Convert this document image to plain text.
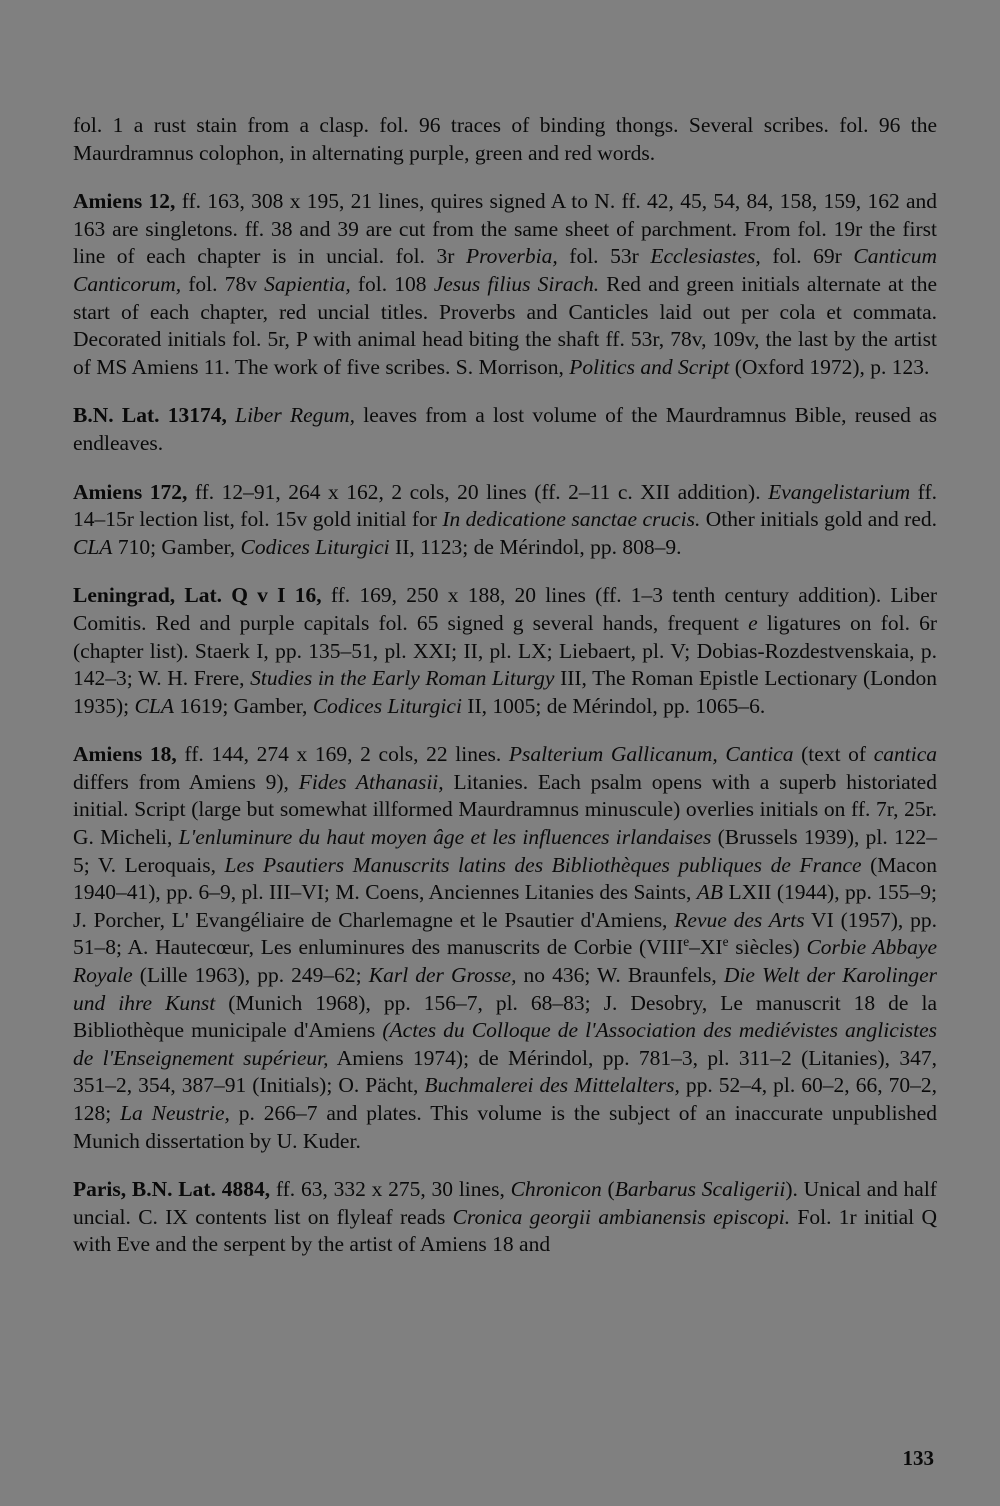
fol. 1 a rust stain from a clasp. fol. 96 traces of binding thongs. Several scribes. fol. 96 the Maurdramnus colophon, in alternating purple, green and red words.

Amiens 12, ff. 163, 308 x 195, 21 lines, quires signed A to N. ff. 42, 45, 54, 84, 158, 159, 162 and 163 are singletons. ff. 38 and 39 are cut from the same sheet of parchment. From fol. 19r the first line of each chapter is in uncial. fol. 3r Proverbia, fol. 53r Ecclesiastes, fol. 69r Canticum Canticorum, fol. 78v Sapientia, fol. 108 Jesus filius Sirach. Red and green initials alternate at the start of each chapter, red uncial titles. Proverbs and Canticles laid out per cola et commata. Decorated initials fol. 5r, P with animal head biting the shaft ff. 53r, 78v, 109v, the last by the artist of MS Amiens 11. The work of five scribes. S. Morrison, Politics and Script (Oxford 1972), p. 123.

B.N. Lat. 13174, Liber Regum, leaves from a lost volume of the Maurdramnus Bible, reused as endleaves.

Amiens 172, ff. 12–91, 264 x 162, 2 cols, 20 lines (ff. 2–11 c. XII addition). Evangelistarium ff. 14–15r lection list, fol. 15v gold initial for In dedicatione sanctae crucis. Other initials gold and red. CLA 710; Gamber, Codices Liturgici II, 1123; de Mérindol, pp. 808–9.

Leningrad, Lat. Q v I 16, ff. 169, 250 x 188, 20 lines (ff. 1–3 tenth century addition). Liber Comitis. Red and purple capitals fol. 65 signed g several hands, frequent e ligatures on fol. 6r (chapter list). Staerk I, pp. 135–51, pl. XXI; II, pl. LX; Liebaert, pl. V; Dobias-Rozdestvenskaia, p. 142–3; W. H. Frere, Studies in the Early Roman Liturgy III, The Roman Epistle Lectionary (London 1935); CLA 1619; Gamber, Codices Liturgici II, 1005; de Mérindol, pp. 1065–6.

Amiens 18, ff. 144, 274 x 169, 2 cols, 22 lines. Psalterium Gallicanum, Cantica (text of cantica differs from Amiens 9), Fides Athanasii, Litanies. Each psalm opens with a superb historiated initial. Script (large but somewhat illformed Maurdramnus minuscule) overlies initials on ff. 7r, 25r. G. Micheli, L'enluminure du haut moyen âge et les influences irlandaises (Brussels 1939), pl. 122–5; V. Leroquais, Les Psautiers Manuscrits latins des Bibliothèques publiques de France (Macon 1940–41), pp. 6–9, pl. III–VI; M. Coens, Anciennes Litanies des Saints, AB LXII (1944), pp. 155–9; J. Porcher, L' Evangéliaire de Charlemagne et le Psautier d'Amiens, Revue des Arts VI (1957), pp. 51–8; A. Hautecœur, Les enluminures des manuscrits de Corbie (VIIIe–XIe siècles) Corbie Abbaye Royale (Lille 1963), pp. 249–62; Karl der Grosse, no 436; W. Braunfels, Die Welt der Karolinger und ihre Kunst (Munich 1968), pp. 156–7, pl. 68–83; J. Desobry, Le manuscrit 18 de la Bibliothèque municipale d'Amiens (Actes du Colloque de l'Association des mediévistes anglicistes de l'Enseignement supérieur, Amiens 1974); de Mérindol, pp. 781–3, pl. 311–2 (Litanies), 347, 351–2, 354, 387–91 (Initials); O. Pächt, Buchmalerei des Mittelalters, pp. 52–4, pl. 60–2, 66, 70–2, 128; La Neustrie, p. 266–7 and plates. This volume is the subject of an inaccurate unpublished Munich dissertation by U. Kuder.

Paris, B.N. Lat. 4884, ff. 63, 332 x 275, 30 lines, Chronicon (Barbarus Scaligerii). Unical and half uncial. C. IX contents list on flyleaf reads Cronica georgii ambianensis episcopi. Fol. 1r initial Q with Eve and the serpent by the artist of Amiens 18 and

133
